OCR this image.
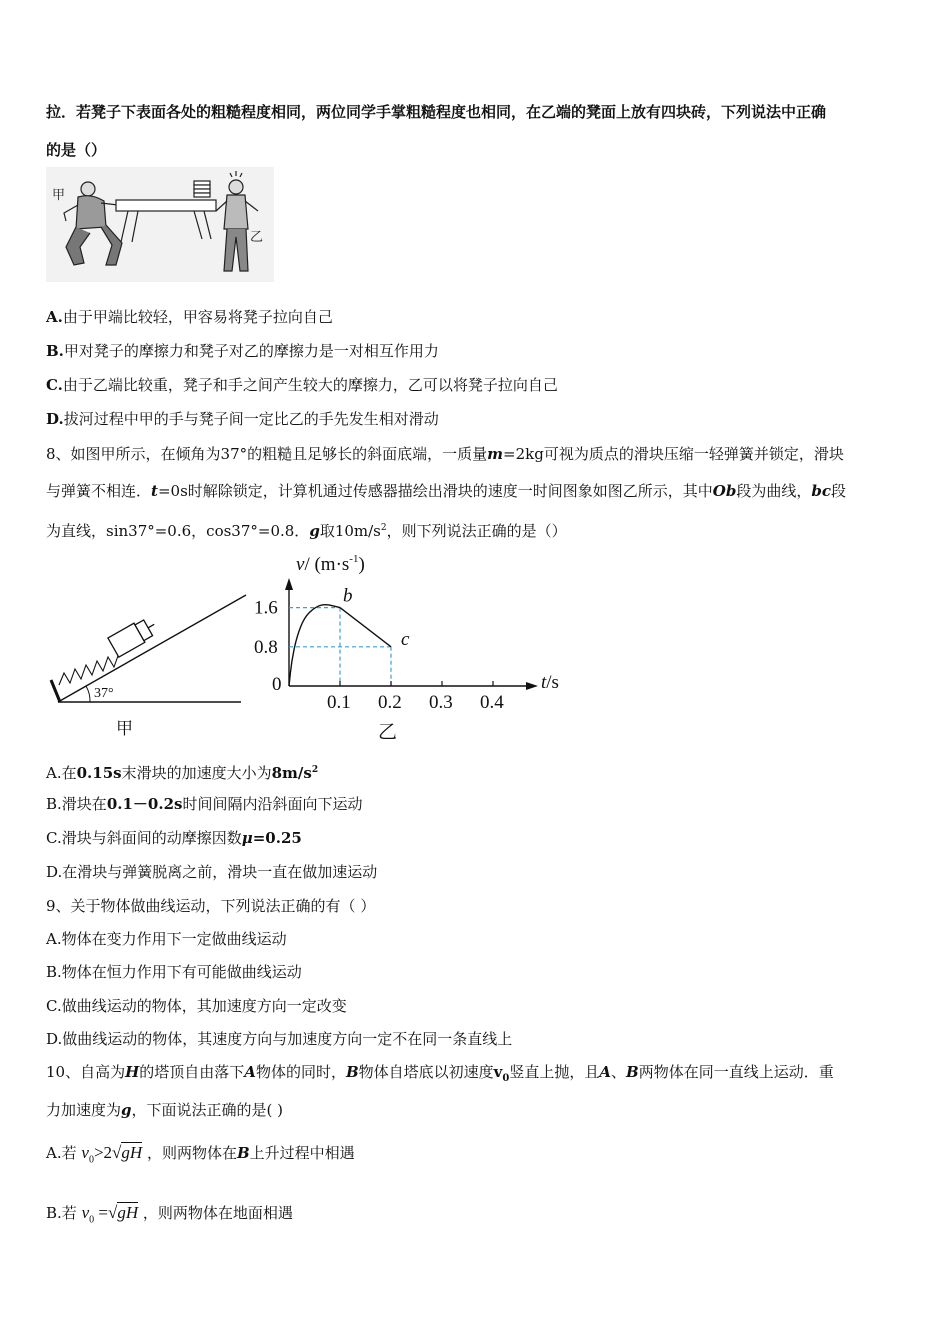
拉．若凳子下表面各处的粗糙程度相同，两位同学手掌粗糙程度也相同，在乙端的凳面上放有四块砖，下列说法中正确
的是（）
甲
乙
A.由于甲端比较轻，甲容易将凳子拉向自己
B.甲对凳子的摩擦力和凳子对乙的摩擦力是一对相互作用力
C.由于乙端比较重，凳子和手之间产生较大的摩擦力，乙可以将凳子拉向自己
D.拔河过程中甲的手与凳子间一定比乙的手先发生相对滑动
8、如图甲所示，在倾角为37°的粗糙且足够长的斜面底端，一质量m=2kg可视为质点的滑块压缩一轻弹簧并锁定，滑块
与弹簧不相连．t=0s时解除锁定，计算机通过传感器描绘出滑块的速度一时间图象如图乙所示，其中Ob段为曲线，bc段
为直线，sin37°=0.6，cos37°=0.8．g取$10m/s^2$，则下列说法正确的是（）
37°
甲
0.1 0.2 0.3 0.4
0.8
1.6
b
c
v/ $(m\cdot s^{-1})$
t/s
0
乙
A.在0.15s末滑块的加速度大小为$8m/s^2$
B.滑块在0.1－0.2s时间间隔内沿斜面向下运动
C.滑块与斜面间的动摩擦因数μ=0.25
D.在滑块与弹簧脱离之前，滑块一直在做加速运动
9、关于物体做曲线运动，下列说法正确的有（ ）
A.物体在变力作用下一定做曲线运动
B.物体在恒力作用下有可能做曲线运动
C.做曲线运动的物体，其加速度方向一定改变
D.做曲线运动的物体，其速度方向与加速度方向一定不在同一条直线上
10、自高为H的塔顶自由落下A物体的同时，B物体自塔底以初速度$v_0$竖直上抛，且A、B两物体在同一直线上运动．重
力加速度为g，下面说法正确的是( )
A.若 $v_0>2√gH$ ，则两物体在B上升过程中相遇
B.若 $v_0 =√gH$ ，则两物体在地面相遇
